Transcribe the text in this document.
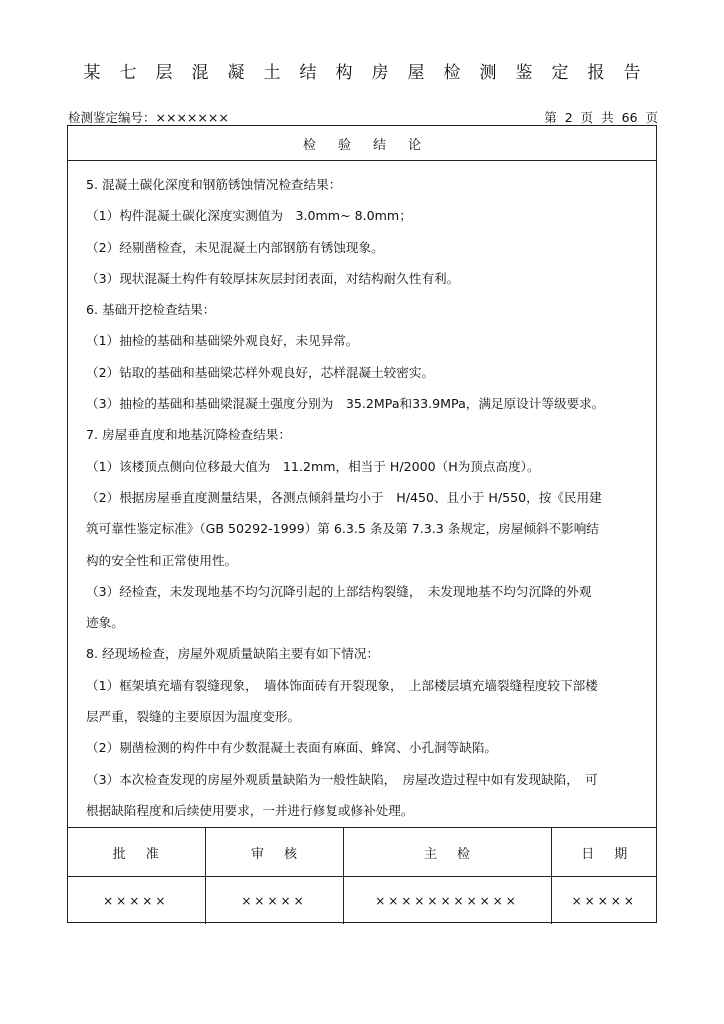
某七层混凝土结构房屋检测鉴定报告
检测鉴定编号：×××××××	第 2 页 共 66 页
检验结论
5. 混凝土碳化深度和钢筋锈蚀情况检查结果：
（1）构件混凝土碳化深度实测值为　3.0mm~ 8.0mm；
（2）经剔凿检查，未见混凝土内部钢筋有锈蚀现象。
（3）现状混凝土构件有较厚抹灰层封闭表面，对结构耐久性有利。
6. 基础开挖检查结果：
（1）抽检的基础和基础梁外观良好，未见异常。
（2）钻取的基础和基础梁芯样外观良好，芯样混凝土较密实。
（3）抽检的基础和基础梁混凝土强度分别为　35.2MPa和33.9MPa，满足原设计等级要求。
7. 房屋垂直度和地基沉降检查结果：
（1）该楼顶点侧向位移最大值为　11.2mm，相当于 H/2000（H为顶点高度）。
（2）根据房屋垂直度测量结果，各测点倾斜量均小于　H/450、且小于 H/550，按《民用建
筑可靠性鉴定标准》（GB 50292-1999）第 6.3.5 条及第 7.3.3 条规定，房屋倾斜不影响结
构的安全性和正常使用性。
（3）经检查，未发现地基不均匀沉降引起的上部结构裂缝，　未发现地基不均匀沉降的外观
迹象。
8. 经现场检查，房屋外观质量缺陷主要有如下情况：
（1）框架填充墙有裂缝现象，　墙体饰面砖有开裂现象，　上部楼层填充墙裂缝程度较下部楼
层严重，裂缝的主要原因为温度变形。
（2）剔凿检测的构件中有少数混凝土表面有麻面、蜂窝、小孔洞等缺陷。
（3）本次检查发现的房屋外观质量缺陷为一般性缺陷，　房屋改造过程中如有发现缺陷，　可
根据缺陷程度和后续使用要求，一并进行修复或修补处理。
批准	审核	主检	日期
×××××	×××××	×××××××××××	×××××
